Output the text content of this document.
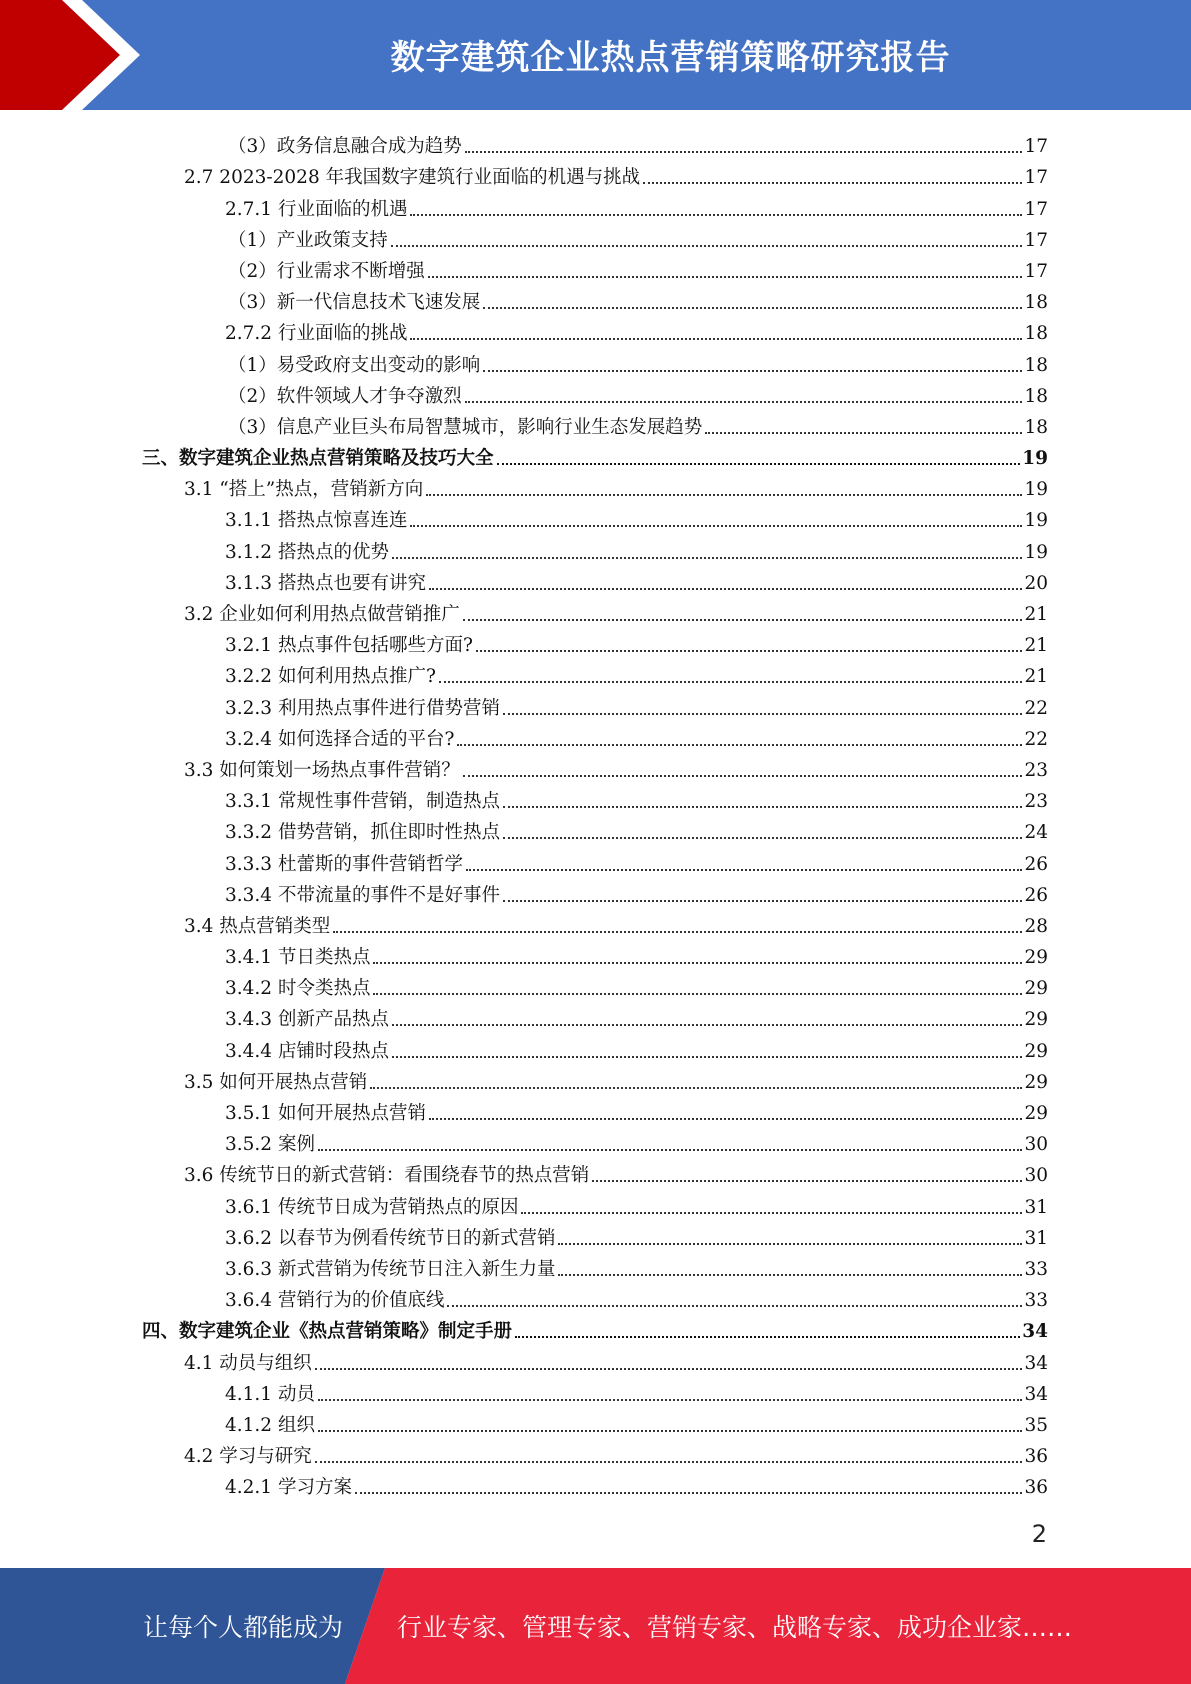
数字建筑企业热点营销策略研究报告
（3）政务信息融合成为趋势	17
2.7 2023-2028 年我国数字建筑行业面临的机遇与挑战	17
2.7.1 行业面临的机遇	17
（1）产业政策支持	17
（2）行业需求不断增强	17
（3）新一代信息技术飞速发展	18
2.7.2 行业面临的挑战	18
（1）易受政府支出变动的影响	18
（2）软件领域人才争夺激烈	18
（3）信息产业巨头布局智慧城市，影响行业生态发展趋势	18
三、数字建筑企业热点营销策略及技巧大全	19
3.1 “搭上”热点，营销新方向	19
3.1.1 搭热点惊喜连连	19
3.1.2 搭热点的优势	19
3.1.3 搭热点也要有讲究	20
3.2 企业如何利用热点做营销推广	21
3.2.1 热点事件包括哪些方面?	21
3.2.2 如何利用热点推广?	21
3.2.3 利用热点事件进行借势营销	22
3.2.4 如何选择合适的平台?	22
3.3 如何策划一场热点事件营销？	23
3.3.1 常规性事件营销，制造热点	23
3.3.2 借势营销，抓住即时性热点	24
3.3.3 杜蕾斯的事件营销哲学	26
3.3.4 不带流量的事件不是好事件	26
3.4 热点营销类型	28
3.4.1 节日类热点	29
3.4.2 时令类热点	29
3.4.3 创新产品热点	29
3.4.4 店铺时段热点	29
3.5 如何开展热点营销	29
3.5.1 如何开展热点营销	29
3.5.2 案例	30
3.6 传统节日的新式营销：看围绕春节的热点营销	30
3.6.1 传统节日成为营销热点的原因	31
3.6.2 以春节为例看传统节日的新式营销	31
3.6.3 新式营销为传统节日注入新生力量	33
3.6.4 营销行为的价值底线	33
四、数字建筑企业《热点营销策略》制定手册	34
4.1 动员与组织	34
4.1.1 动员	34
4.1.2 组织	35
4.2 学习与研究	36
4.2.1 学习方案	36
2
让每个人都能成为 行业专家、管理专家、营销专家、战略专家、成功企业家……
